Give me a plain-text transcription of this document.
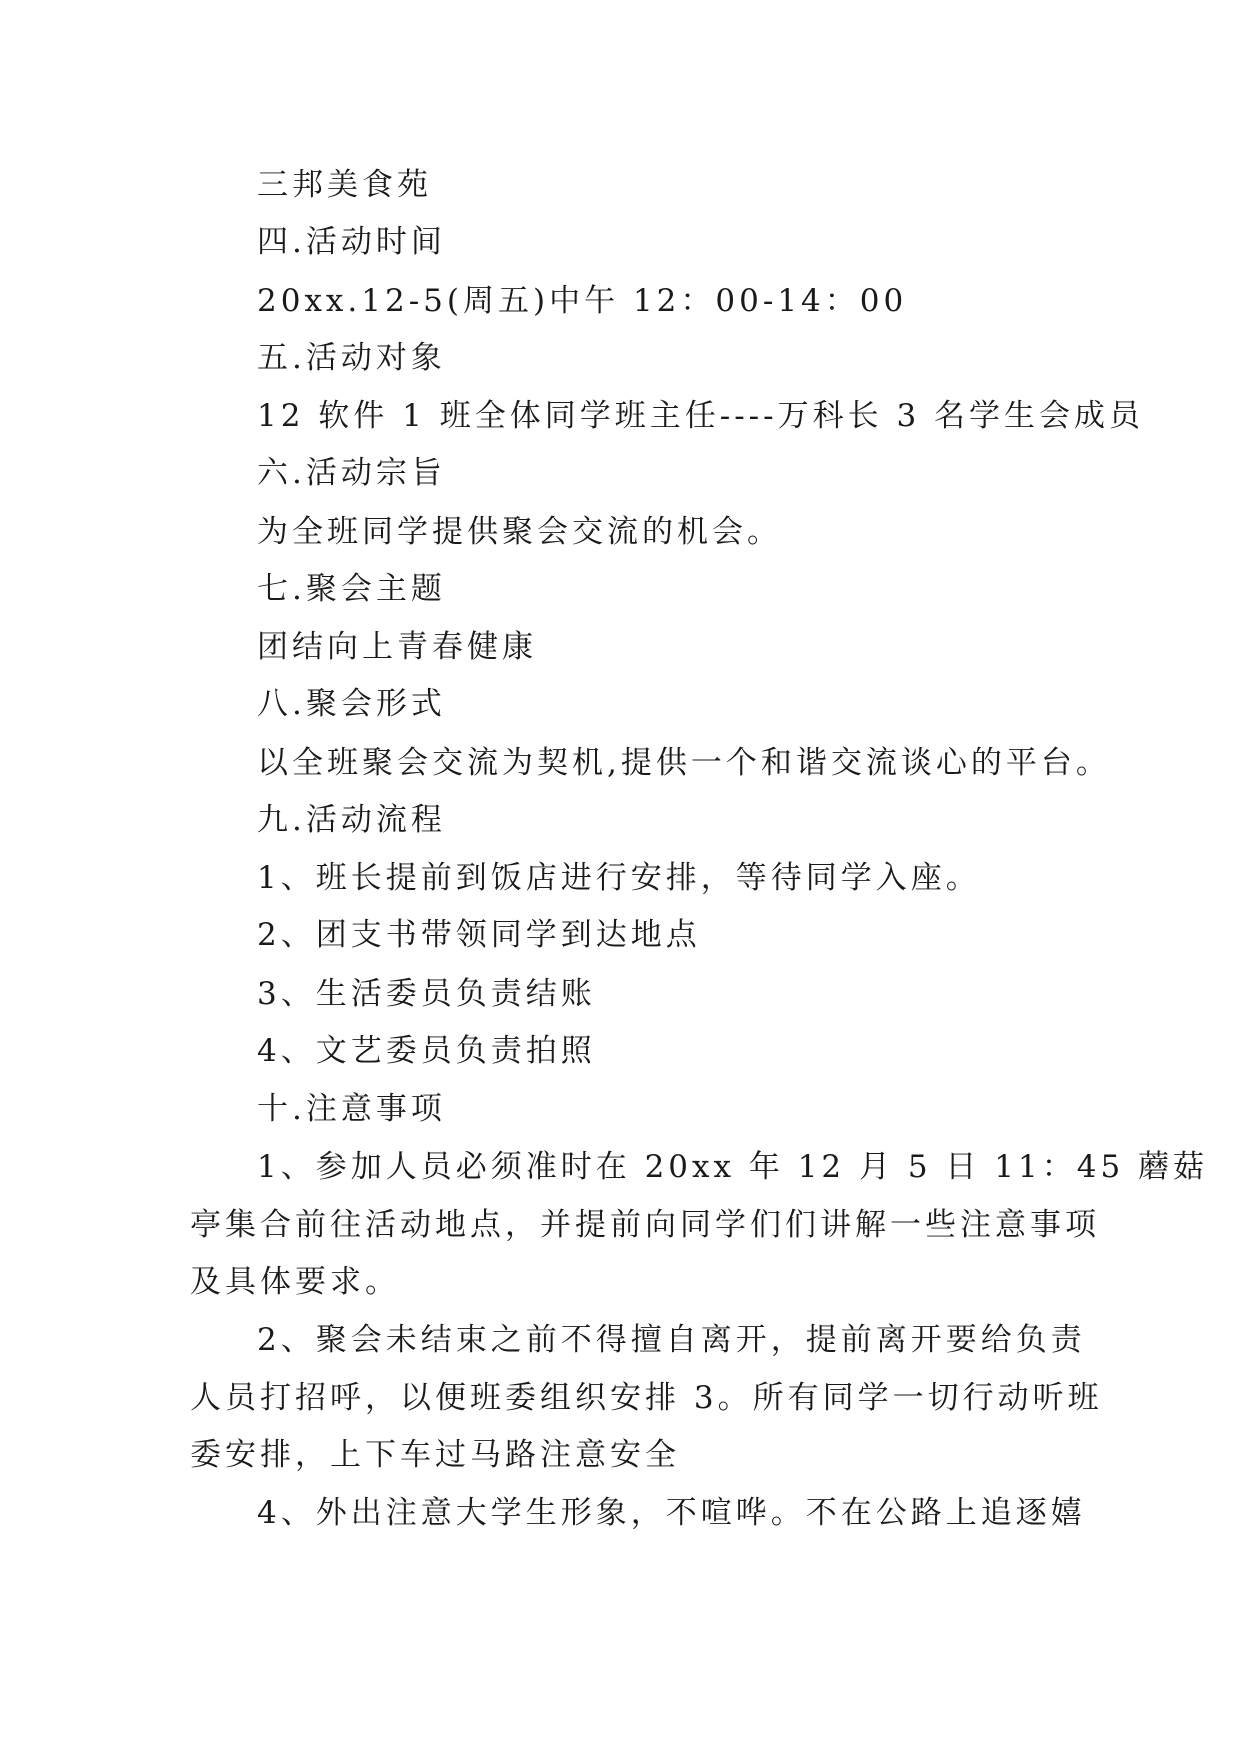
三邦美食苑
四.活动时间
20xx.12-5(周五)中午 12：00-14：00
五.活动对象
12 软件 1 班全体同学班主任----万科长 3 名学生会成员
六.活动宗旨
为全班同学提供聚会交流的机会。
七.聚会主题
团结向上青春健康
八.聚会形式
以全班聚会交流为契机,提供一个和谐交流谈心的平台。
九.活动流程
1、班长提前到饭店进行安排，等待同学入座。
2、团支书带领同学到达地点
3、生活委员负责结账
4、文艺委员负责拍照
十.注意事项
1、参加人员必须准时在 20xx 年 12 月 5 日 11：45 蘑菇
亭集合前往活动地点，并提前向同学们们讲解一些注意事项
及具体要求。
2、聚会未结束之前不得擅自离开，提前离开要给负责
人员打招呼，以便班委组织安排 3。所有同学一切行动听班
委安排，上下车过马路注意安全
4、外出注意大学生形象，不喧哗。不在公路上追逐嬉
